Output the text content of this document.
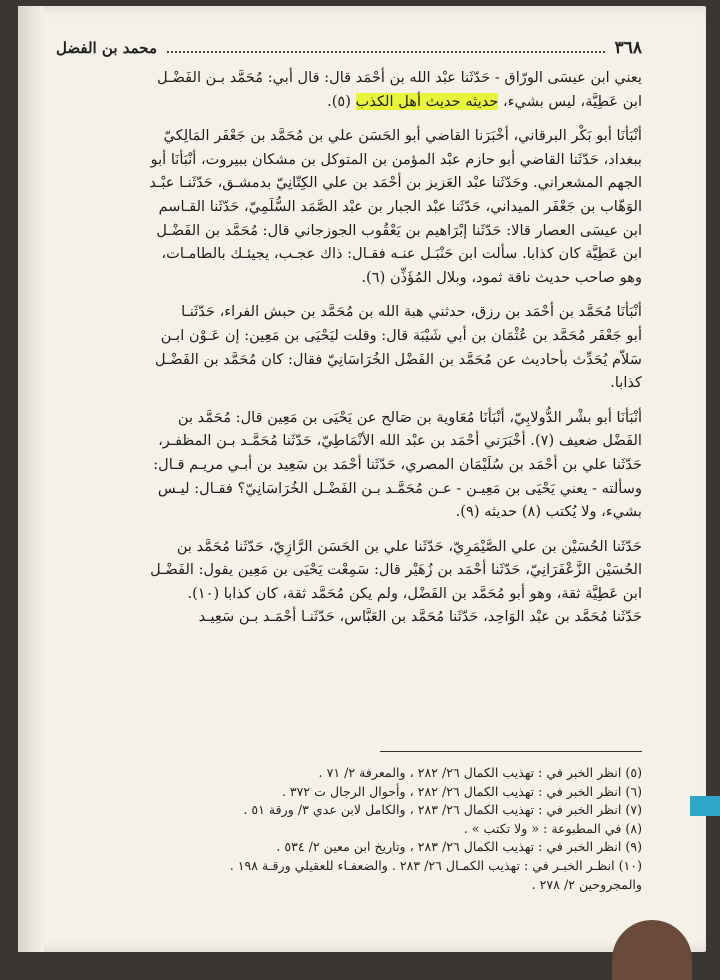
٣٦٨
محمد بن الفضل

يعني ابن عيسَى الورّاق - حَدّثَنا عبْد الله بن أحْمَد قال: قال أبي: مُحَمَّد بـن الفَضْـل
ابن عَطِيَّة، ليس بشيء، حديثه حديث أهل الكذب (٥).

أنْبَأنَا أبو بَكْر البرقاني، أخْبَرَنا القاضي أبو الحَسَن علي بن مُحَمَّد بن جَعْفَر المَالِكيّ
ببغداد، حَدّثَنا القاضي أبو حازم عبْد المؤمن بن المتوكل بن مشكان ببيروت، أنْبَأنَا أبو
الجهم المشعراني. وحَدّثَنا عبْد العَزيز بن أحْمَد بن علي الكِتّانِيّ بدمشـق، حَدّثَنـا عبْـد
الوَهّاب بن جَعْفَر الميداني، حَدّثَنا عبْد الجبار بن عبْد الصَّمَد السُّلَمِيّ، حَدّثَنا القـاسم
ابن عيسَى العصار قالا: حَدّثَنا إبْرَاهيم بن يَعْقُوب الجوزجاني قال: مُحَمَّد بن الفَضْـل
ابن عَطِيَّة كان كذابا. سألت ابن حَنْبَـل عنـه فقـال: ذاك عجـب، يجيئـك بالطامـات،
وهو صاحب حديث ناقة ثمود، وبلال المُؤَذِّن (٦).

أنْبَأنَا مُحَمَّد بن أحْمَد بن رزق، حدثني هبة الله بن مُحَمَّد بن حبش الفراء، حَدّثَنـا
أبو جَعْفَر مُحَمَّد بن عُثْمَان بن أبي شَيْبَة قال: وقلت ليَحْيَى بن مَعِين: إن عَـوْن ابـن
سَلاّم يُحَدِّث بأحاديث عن مُحَمَّد بن الفَضْل الخُرَاسَانِيّ فقال: كان مُحَمَّد بن الفَضْـل
كذابا.

أنْبَأنَا أبو بشْر الدُّولابِيّ، أنْبَأنَا مُعَاوية بن صَالح عن يَحْيَى بن مَعِين قال: مُحَمَّد بن
الفَضْل ضعيف (٧). أخْبَرَني أحْمَد بن عبْد الله الأنْمَاطِيّ، حَدّثَنا مُحَمَّـد بـن المظفـر،
حَدّثَنا علي بن أحْمَد بن سُلَيْمَان المصري، حَدّثَنا أحْمَد بن سَعِيد بن أبـي مريـم قـال:
وسألته - يعني يَحْيَى بن مَعِيـن - عـن مُحَمَّـد بـن الفَضْـل الخُرَاسَانِيّ؟ فقـال: ليـس
بشيء، ولا يُكتب (٨) حديثه (٩).

حَدّثَنا الحُسَيْن بن علي الصَّيْمَرِيّ، حَدّثَنا علي بن الحَسَن الرَّازِيّ، حَدّثَنا مُحَمَّد بن
الحُسَيْن الزَّعْفَرَانِيّ، حَدّثَنا أحْمَد بن زُهَيْر قال: سَمِعْت يَحْيَى بن مَعِين يقول: الفَضْـل
ابن عَطِيَّة ثقة، وهو أبو مُحَمَّد بن الفَضْل، ولم يكن مُحَمَّد ثقة، كان كذابا (١٠).
حَدّثَنا مُحَمَّد بن عبْد الوَاحِد، حَدّثَنا مُحَمَّد بن العَبَّاس، حَدّثَنـا أحْمَـد بـن سَعِيـد

(٥) انظر الخبر في : تهذيب الكمال ٢٦/ ٢٨٢ ، والمعرفة ٢/ ٧١ .
(٦) انظر الخبر في : تهذيب الكمال ٢٦/ ٢٨٢ ، وأحوال الرجال ت ٣٧٢ .
(٧) انظر الخبر في : تهذيب الكمال ٢٦/ ٢٨٣ ، والكامل لابن عدي ٣/ ورقة ٥١ .
(٨) في المطبوعة : « ولا تكتب » .
(٩) انظر الخبر في : تهذيب الكمال ٢٦/ ٢٨٣ ، وتاريخ ابن معين ٢/ ٥٣٤ .
(١٠) انظـر الخبـر في : تهذيب الكمـال ٢٦/ ٢٨٣ . والضعفـاء للعقيلي ورقـة ١٩٨ .
والمجروحين ٢/ ٢٧٨ .
